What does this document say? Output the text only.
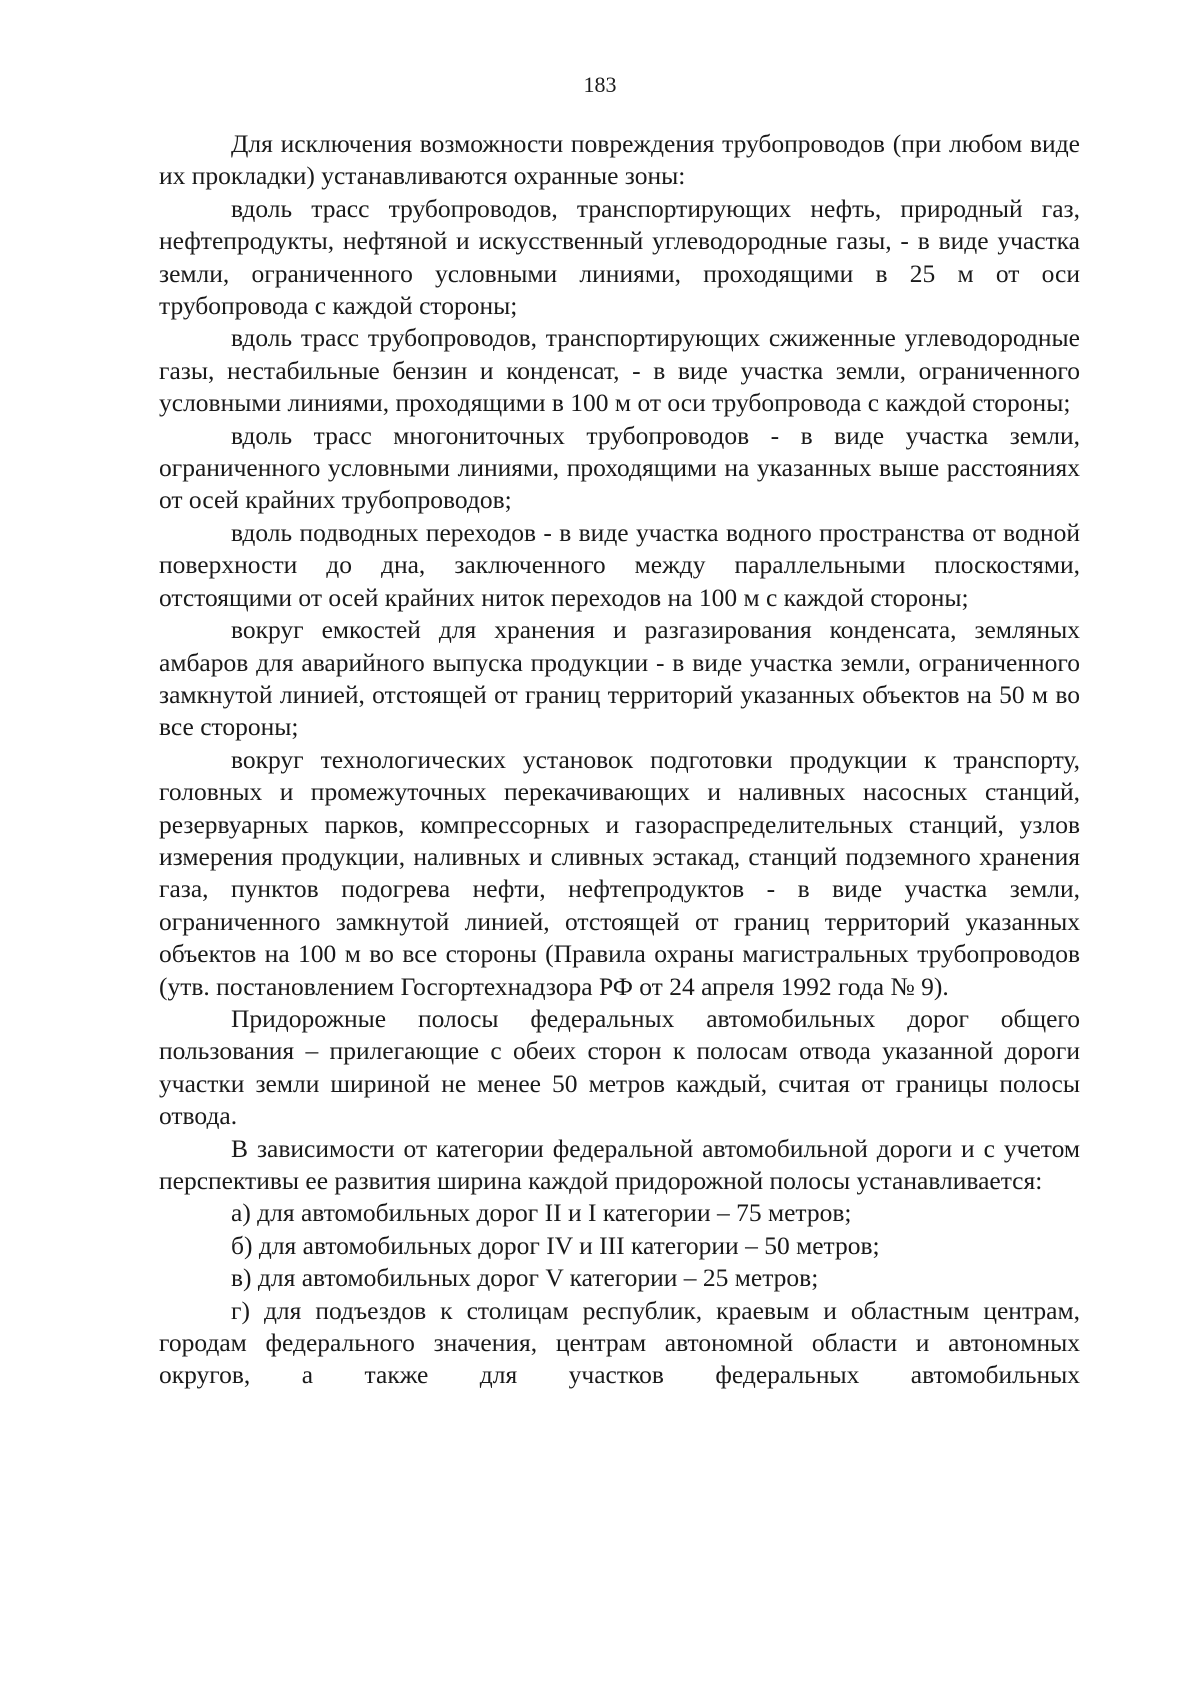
183

Для исключения возможности повреждения трубопроводов (при любом виде их прокладки) устанавливаются охранные зоны:

вдоль трасс трубопроводов, транспортирующих нефть, природный газ, нефтепродукты, нефтяной и искусственный углеводородные газы, - в виде участка земли, ограниченного условными линиями, проходящими в 25 м от оси трубопровода с каждой стороны;

вдоль трасс трубопроводов, транспортирующих сжиженные углеводородные газы, нестабильные бензин и конденсат, - в виде участка земли, ограниченного условными линиями, проходящими в 100 м от оси трубопровода с каждой стороны;

вдоль трасс многониточных трубопроводов - в виде участка земли, ограниченного условными линиями, проходящими на указанных выше расстояниях от осей крайних трубопроводов;

вдоль подводных переходов - в виде участка водного пространства от водной поверхности до дна, заключенного между параллельными плоскостями, отстоящими от осей крайних ниток переходов на 100 м с каждой стороны;

вокруг емкостей для хранения и разгазирования конденсата, земляных амбаров для аварийного выпуска продукции - в виде участка земли, ограниченного замкнутой линией, отстоящей от границ территорий указанных объектов на 50 м во все стороны;

вокруг технологических установок подготовки продукции к транспорту, головных и промежуточных перекачивающих и наливных насосных станций, резервуарных парков, компрессорных и газораспределительных станций, узлов измерения продукции, наливных и сливных эстакад, станций подземного хранения газа, пунктов подогрева нефти, нефтепродуктов - в виде участка земли, ограниченного замкнутой линией, отстоящей от границ территорий указанных объектов на 100 м во все стороны (Правила охраны магистральных трубопроводов (утв. постановлением Госгортехнадзора РФ от 24 апреля 1992 года № 9).

Придорожные полосы федеральных автомобильных дорог общего пользования – прилегающие с обеих сторон к полосам отвода указанной дороги участки земли шириной не менее 50 метров каждый, считая от границы полосы отвода.

В зависимости от категории федеральной автомобильной дороги и с учетом перспективы ее развития ширина каждой придорожной полосы устанавливается:

а) для автомобильных дорог II и I категории – 75 метров;

б) для автомобильных дорог IV и III категории – 50 метров;

в) для автомобильных дорог V категории – 25 метров;

г) для подъездов к столицам республик, краевым и областным центрам, городам федерального значения, центрам автономной области и автономных округов, а также для участков федеральных автомобильных
